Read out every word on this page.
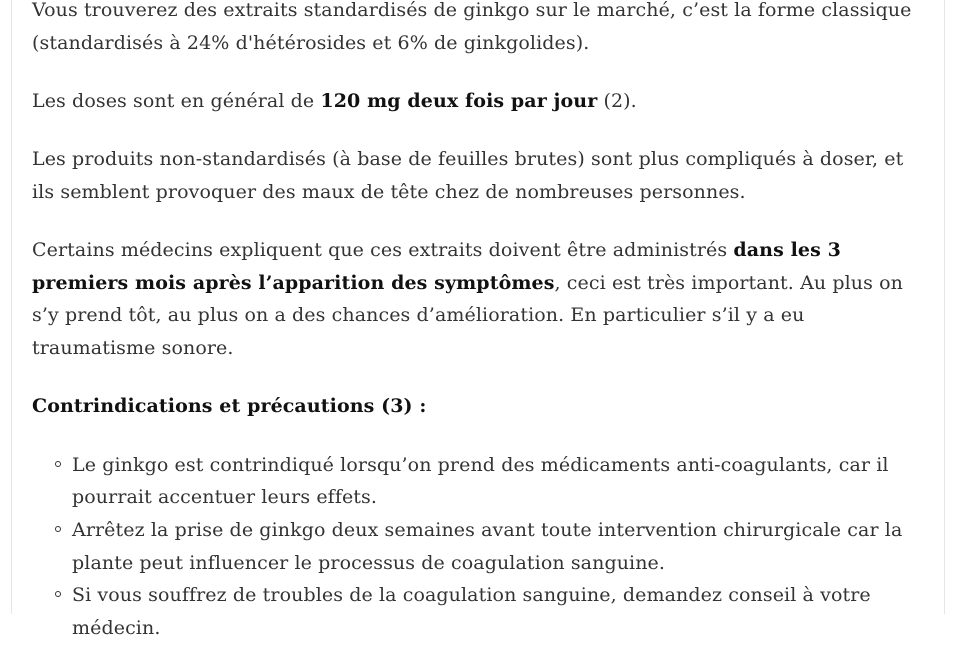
Vous trouverez des extraits standardisés de ginkgo sur le marché, c’est la forme classique (standardisés à 24% d'hétérosides et 6% de ginkgolides).

Les doses sont en général de 120 mg deux fois par jour (2).

Les produits non-standardisés (à base de feuilles brutes) sont plus compliqués à doser, et ils semblent provoquer des maux de tête chez de nombreuses personnes.

Certains médecins expliquent que ces extraits doivent être administrés dans les 3 premiers mois après l’apparition des symptômes, ceci est très important. Au plus on s’y prend tôt, au plus on a des chances d’amélioration. En particulier s’il y a eu traumatisme sonore.

Contrindications et précautions (3) :

Le ginkgo est contrindiqué lorsqu’on prend des médicaments anti-coagulants, car il pourrait accentuer leurs effets.
Arrêtez la prise de ginkgo deux semaines avant toute intervention chirurgicale car la plante peut influencer le processus de coagulation sanguine.
Si vous souffrez de troubles de la coagulation sanguine, demandez conseil à votre médecin.
